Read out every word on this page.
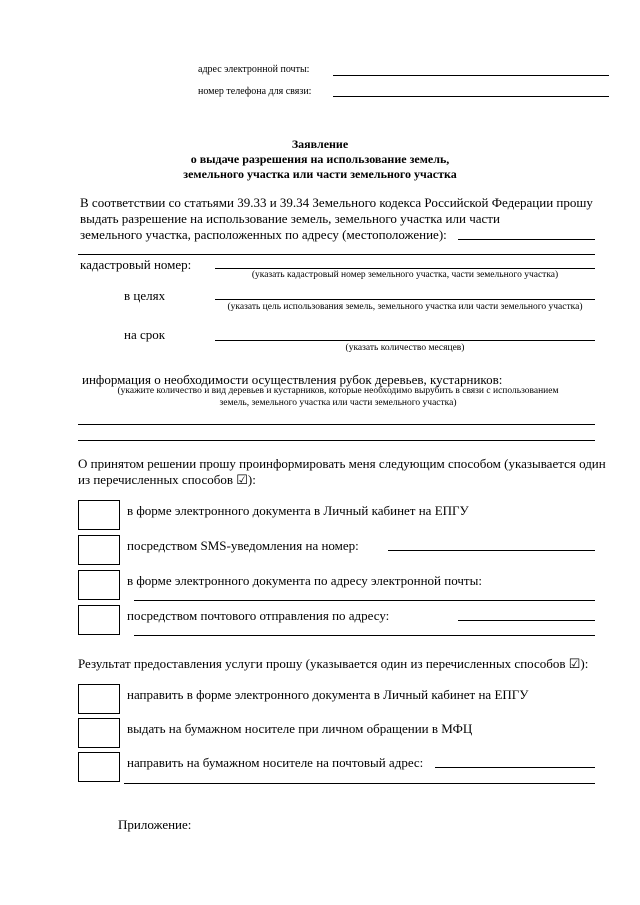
адрес электронной почты:
номер телефона для связи:
Заявление
о выдаче разрешения на использование земель,
земельного участка или части земельного участка
В соответствии со статьями 39.33 и 39.34 Земельного кодекса Российской Федерации прошу
выдать разрешение на использование земель, земельного участка или части
земельного участка, расположенных по адресу (местоположение):
кадастровый номер:
(указать кадастровый номер земельного участка, части земельного участка)
в целях
(указать цель использования земель, земельного участка или части земельного участка)
на срок
(указать количество месяцев)
информация о необходимости осуществления рубок деревьев, кустарников:
(укажите количество и вид деревьев и кустарников, которые необходимо вырубить в связи с использованием
земель, земельного участка или части земельного участка)
О принятом решении прошу проинформировать меня следующим способом (указывается один
из перечисленных способов ☑):
в форме электронного документа в Личный кабинет на ЕПГУ
посредством SMS-уведомления на номер:
в форме электронного документа по адресу электронной почты:
посредством почтового отправления по адресу:
Результат предоставления услуги прошу (указывается один из перечисленных способов ☑):
направить в форме электронного документа в Личный кабинет на ЕПГУ
выдать на бумажном носителе при личном обращении в МФЦ
направить на бумажном носителе на почтовый адрес:
Приложение:
